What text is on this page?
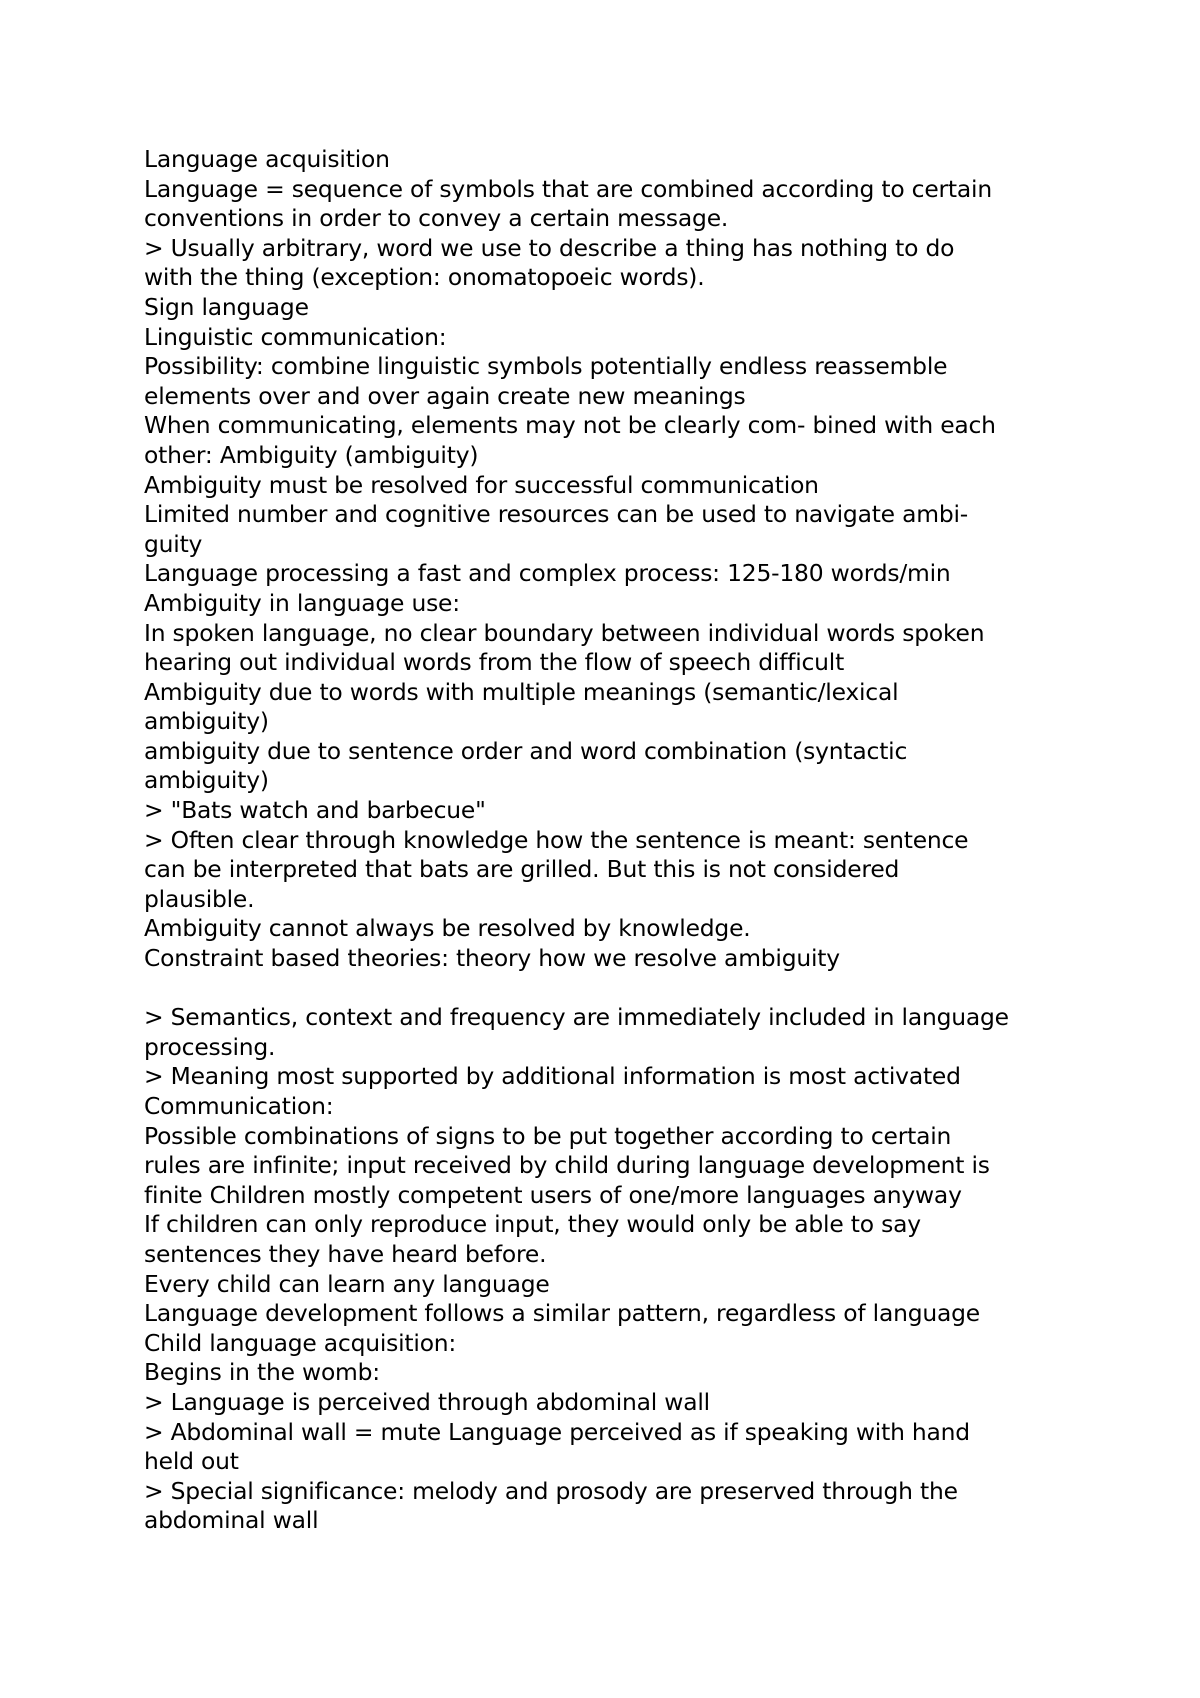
Language acquisition
Language = sequence of symbols that are combined according to certain
conventions in order to convey a certain message.
> Usually arbitrary, word we use to describe a thing has nothing to do
with the thing (exception: onomatopoeic words).
Sign language
Linguistic communication:
Possibility: combine linguistic symbols potentially endless reassemble
elements over and over again create new meanings
When communicating, elements may not be clearly com- bined with each
other: Ambiguity (ambiguity)
Ambiguity must be resolved for successful communication
Limited number and cognitive resources can be used to navigate ambi-
guity
Language processing a fast and complex process: 125-180 words/min
Ambiguity in language use:
In spoken language, no clear boundary between individual words spoken
hearing out individual words from the flow of speech difficult
Ambiguity due to words with multiple meanings (semantic/lexical
ambiguity)
ambiguity due to sentence order and word combination (syntactic
ambiguity)
> "Bats watch and barbecue"
> Often clear through knowledge how the sentence is meant: sentence
can be interpreted that bats are grilled. But this is not considered
plausible.
Ambiguity cannot always be resolved by knowledge.
Constraint based theories: theory how we resolve ambiguity
> Semantics, context and frequency are immediately included in language
processing.
> Meaning most supported by additional information is most activated
Communication:
Possible combinations of signs to be put together according to certain
rules are infinite; input received by child during language development is
finite Children mostly competent users of one/more languages anyway
If children can only reproduce input, they would only be able to say
sentences they have heard before.
Every child can learn any language
Language development follows a similar pattern, regardless of language
Child language acquisition:
Begins in the womb:
> Language is perceived through abdominal wall
> Abdominal wall = mute Language perceived as if speaking with hand
held out
> Special significance: melody and prosody are preserved through the
abdominal wall
